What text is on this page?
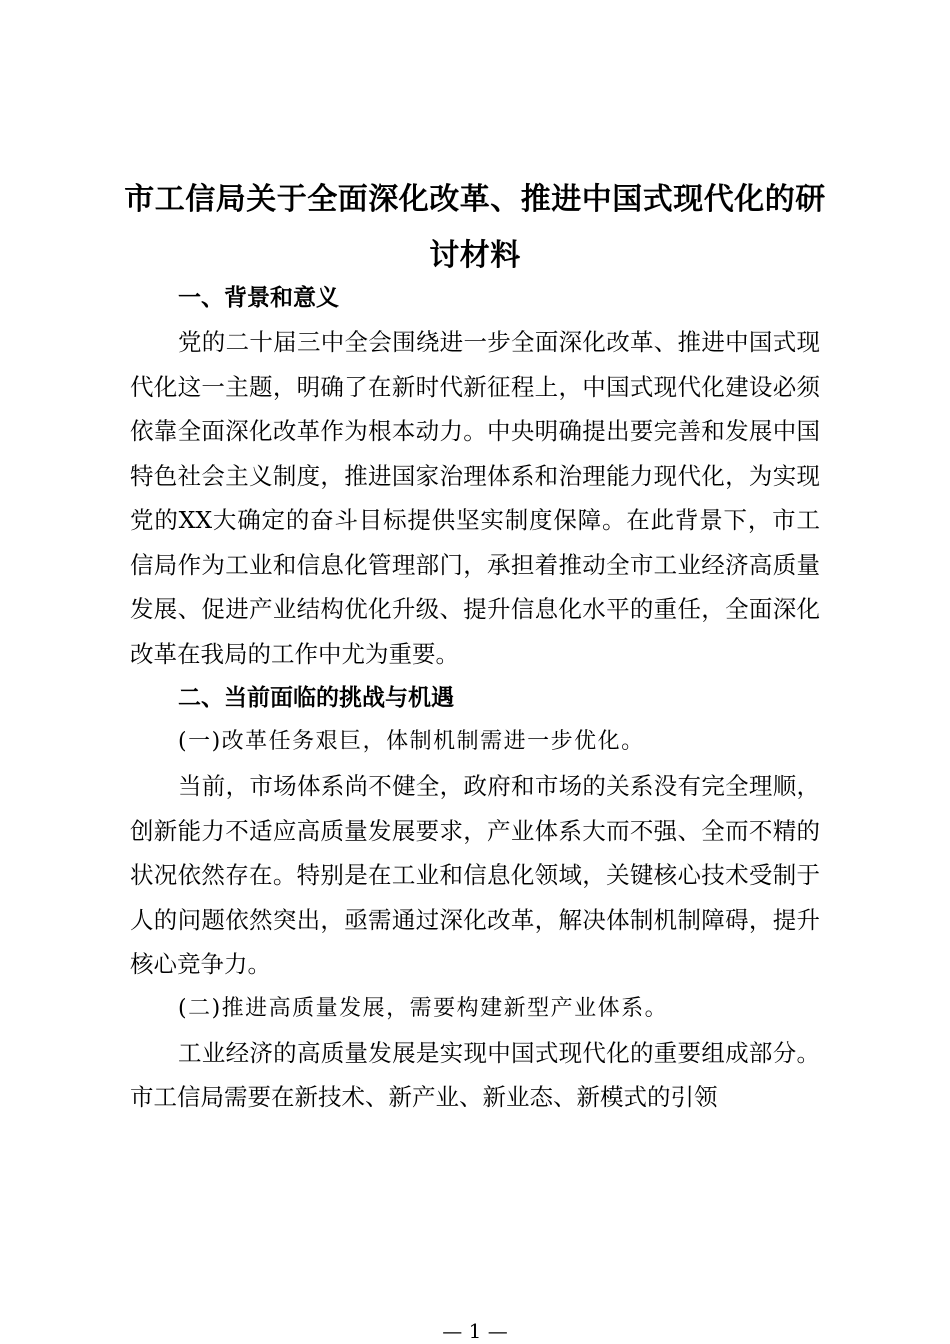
市工信局关于全面深化改革、推进中国式现代化的研讨材料

一、背景和意义

党的二十届三中全会围绕进一步全面深化改革、推进中国式现代化这一主题，明确了在新时代新征程上，中国式现代化建设必须依靠全面深化改革作为根本动力。中央明确提出要完善和发展中国特色社会主义制度，推进国家治理体系和治理能力现代化，为实现党的XX大确定的奋斗目标提供坚实制度保障。在此背景下，市工信局作为工业和信息化管理部门，承担着推动全市工业经济高质量发展、促进产业结构优化升级、提升信息化水平的重任，全面深化改革在我局的工作中尤为重要。

二、当前面临的挑战与机遇

(一)改革任务艰巨，体制机制需进一步优化。

当前，市场体系尚不健全，政府和市场的关系没有完全理顺，创新能力不适应高质量发展要求，产业体系大而不强、全而不精的状况依然存在。特别是在工业和信息化领域，关键核心技术受制于人的问题依然突出，亟需通过深化改革，解决体制机制障碍，提升核心竞争力。

(二)推进高质量发展，需要构建新型产业体系。

工业经济的高质量发展是实现中国式现代化的重要组成部分。市工信局需要在新技术、新产业、新业态、新模式的引领

— 1 —
